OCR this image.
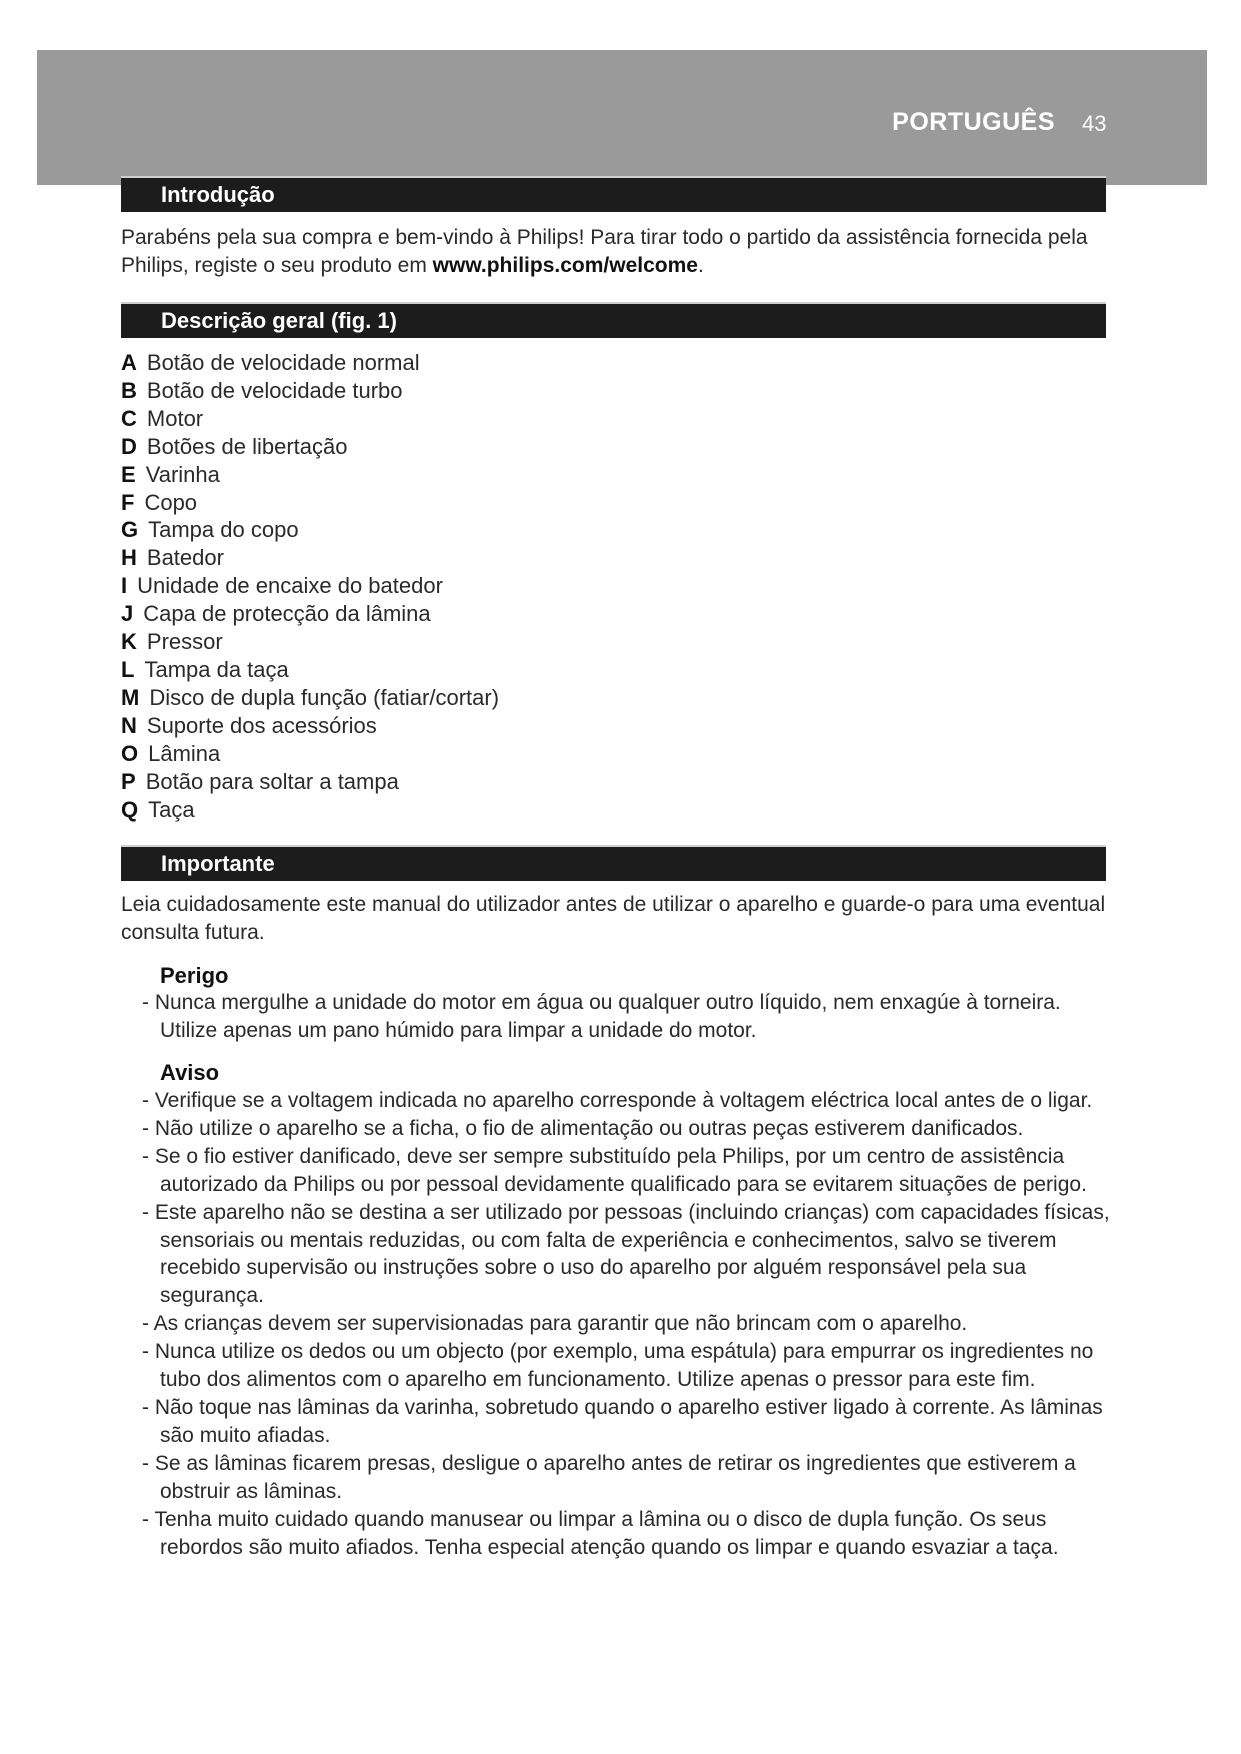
PORTUGUÊS 43
Introdução
Parabéns pela sua compra e bem-vindo à Philips! Para tirar todo o partido da assistência fornecida pela Philips, registe o seu produto em www.philips.com/welcome.
Descrição geral (fig. 1)
A Botão de velocidade normal
B Botão de velocidade turbo
C Motor
D Botões de libertação
E Varinha
F Copo
G Tampa do copo
H Batedor
I Unidade de encaixe do batedor
J Capa de protecção da lâmina
K Pressor
L Tampa da taça
M Disco de dupla função (fatiar/cortar)
N Suporte dos acessórios
O Lâmina
P Botão para soltar a tampa
Q Taça
Importante
Leia cuidadosamente este manual do utilizador antes de utilizar o aparelho e guarde-o para uma eventual consulta futura.
Perigo
- Nunca mergulhe a unidade do motor em água ou qualquer outro líquido, nem enxagúe à torneira. Utilize apenas um pano húmido para limpar a unidade do motor.
Aviso
- Verifique se a voltagem indicada no aparelho corresponde à voltagem eléctrica local antes de o ligar.
- Não utilize o aparelho se a ficha, o fio de alimentação ou outras peças estiverem danificados.
- Se o fio estiver danificado, deve ser sempre substituído pela Philips, por um centro de assistência autorizado da Philips ou por pessoal devidamente qualificado para se evitarem situações de perigo.
- Este aparelho não se destina a ser utilizado por pessoas (incluindo crianças) com capacidades físicas, sensoriais ou mentais reduzidas, ou com falta de experiência e conhecimentos, salvo se tiverem recebido supervisão ou instruções sobre o uso do aparelho por alguém responsável pela sua segurança.
- As crianças devem ser supervisionadas para garantir que não brincam com o aparelho.
- Nunca utilize os dedos ou um objecto (por exemplo, uma espátula) para empurrar os ingredientes no tubo dos alimentos com o aparelho em funcionamento. Utilize apenas o pressor para este fim.
- Não toque nas lâminas da varinha, sobretudo quando o aparelho estiver ligado à corrente. As lâminas são muito afiadas.
- Se as lâminas ficarem presas, desligue o aparelho antes de retirar os ingredientes que estiverem a obstruir as lâminas.
- Tenha muito cuidado quando manusear ou limpar a lâmina ou o disco de dupla função. Os seus rebordos são muito afiados. Tenha especial atenção quando os limpar e quando esvaziar a taça.
